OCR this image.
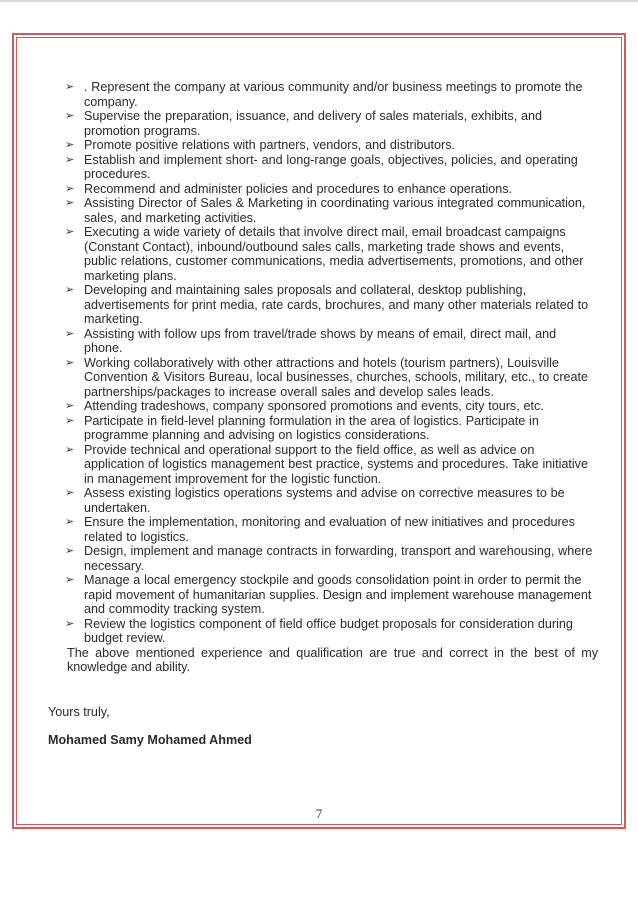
➢ . Represent the company at various community and/or business meetings to promote the company.
➢ Supervise the preparation, issuance, and delivery of sales materials, exhibits, and promotion programs.
➢ Promote positive relations with partners, vendors, and distributors.
➢ Establish and implement short- and long-range goals, objectives, policies, and operating procedures.
➢ Recommend and administer policies and procedures to enhance operations.
➢ Assisting Director of Sales & Marketing in coordinating various integrated communication, sales, and marketing activities.
➢ Executing a wide variety of details that involve direct mail, email broadcast campaigns (Constant Contact), inbound/outbound sales calls, marketing trade shows and events, public relations, customer communications, media advertisements, promotions, and other marketing plans.
➢ Developing and maintaining sales proposals and collateral, desktop publishing, advertisements for print media, rate cards, brochures, and many other materials related to marketing.
➢ Assisting with follow ups from travel/trade shows by means of email, direct mail, and phone.
➢ Working collaboratively with other attractions and hotels (tourism partners), Louisville Convention & Visitors Bureau, local businesses, churches, schools, military, etc., to create partnerships/packages to increase overall sales and develop sales leads.
➢ Attending tradeshows, company sponsored promotions and events, city tours, etc.
➢ Participate in field-level planning formulation in the area of logistics. Participate in programme planning and advising on logistics considerations.
➢ Provide technical and operational support to the field office, as well as advice on application of logistics management best practice, systems and procedures. Take initiative in management improvement for the logistic function.
➢ Assess existing logistics operations systems and advise on corrective measures to be undertaken.
➢ Ensure the implementation, monitoring and evaluation of new initiatives and procedures related to logistics.
➢ Design, implement and manage contracts in forwarding, transport and warehousing, where necessary.
➢ Manage a local emergency stockpile and goods consolidation point in order to permit the rapid movement of humanitarian supplies. Design and implement warehouse management and commodity tracking system.
➢ Review the logistics component of field office budget proposals for consideration during budget review.

The above mentioned experience and qualification are true and correct in the best of my knowledge and ability.

Yours truly,

Mohamed Samy Mohamed Ahmed

7
